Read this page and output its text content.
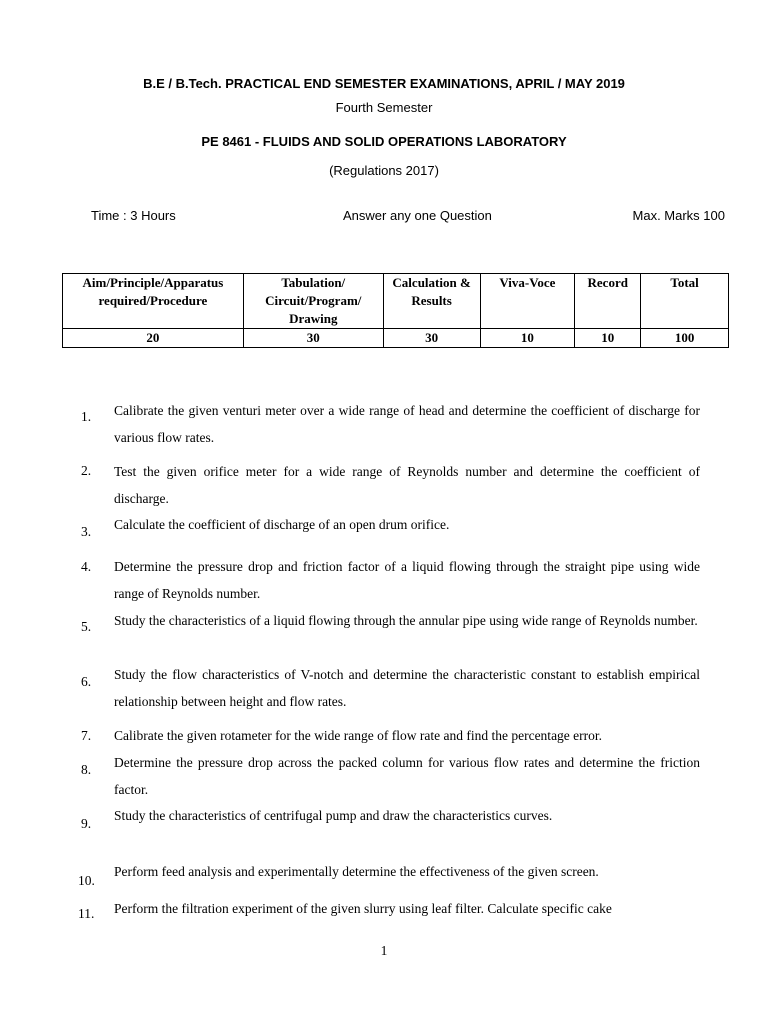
B.E / B.Tech. PRACTICAL END SEMESTER EXAMINATIONS, APRIL / MAY 2019
Fourth Semester
PE 8461 - FLUIDS AND SOLID OPERATIONS LABORATORY
(Regulations 2017)
Time : 3 Hours	Answer any one Question	Max. Marks 100
Aim/Principle/Apparatus required/Procedure	Tabulation/ Circuit/Program/ Drawing	Calculation & Results	Viva-Voce	Record	Total
20	30	30	10	10	100
1. Calibrate the given venturi meter over a wide range of head and determine the coefficient of discharge for various flow rates.
2. Test the given orifice meter for a wide range of Reynolds number and determine the coefficient of discharge.
3. Calculate the coefficient of discharge of an open drum orifice.
4. Determine the pressure drop and friction factor of a liquid flowing through the straight pipe using wide range of Reynolds number.
5. Study the characteristics of a liquid flowing through the annular pipe using wide range of Reynolds number.
6. Study the flow characteristics of V-notch and determine the characteristic constant to establish empirical relationship between height and flow rates.
7. Calibrate the given rotameter for the wide range of flow rate and find the percentage error.
8. Determine the pressure drop across the packed column for various flow rates and determine the friction factor.
9.
Study the characteristics of centrifugal pump and draw the characteristics curves.
10.
Perform feed analysis and experimentally determine the effectiveness of the given screen.
11. Perform the filtration experiment of the given slurry using leaf filter. Calculate specific cake
1
